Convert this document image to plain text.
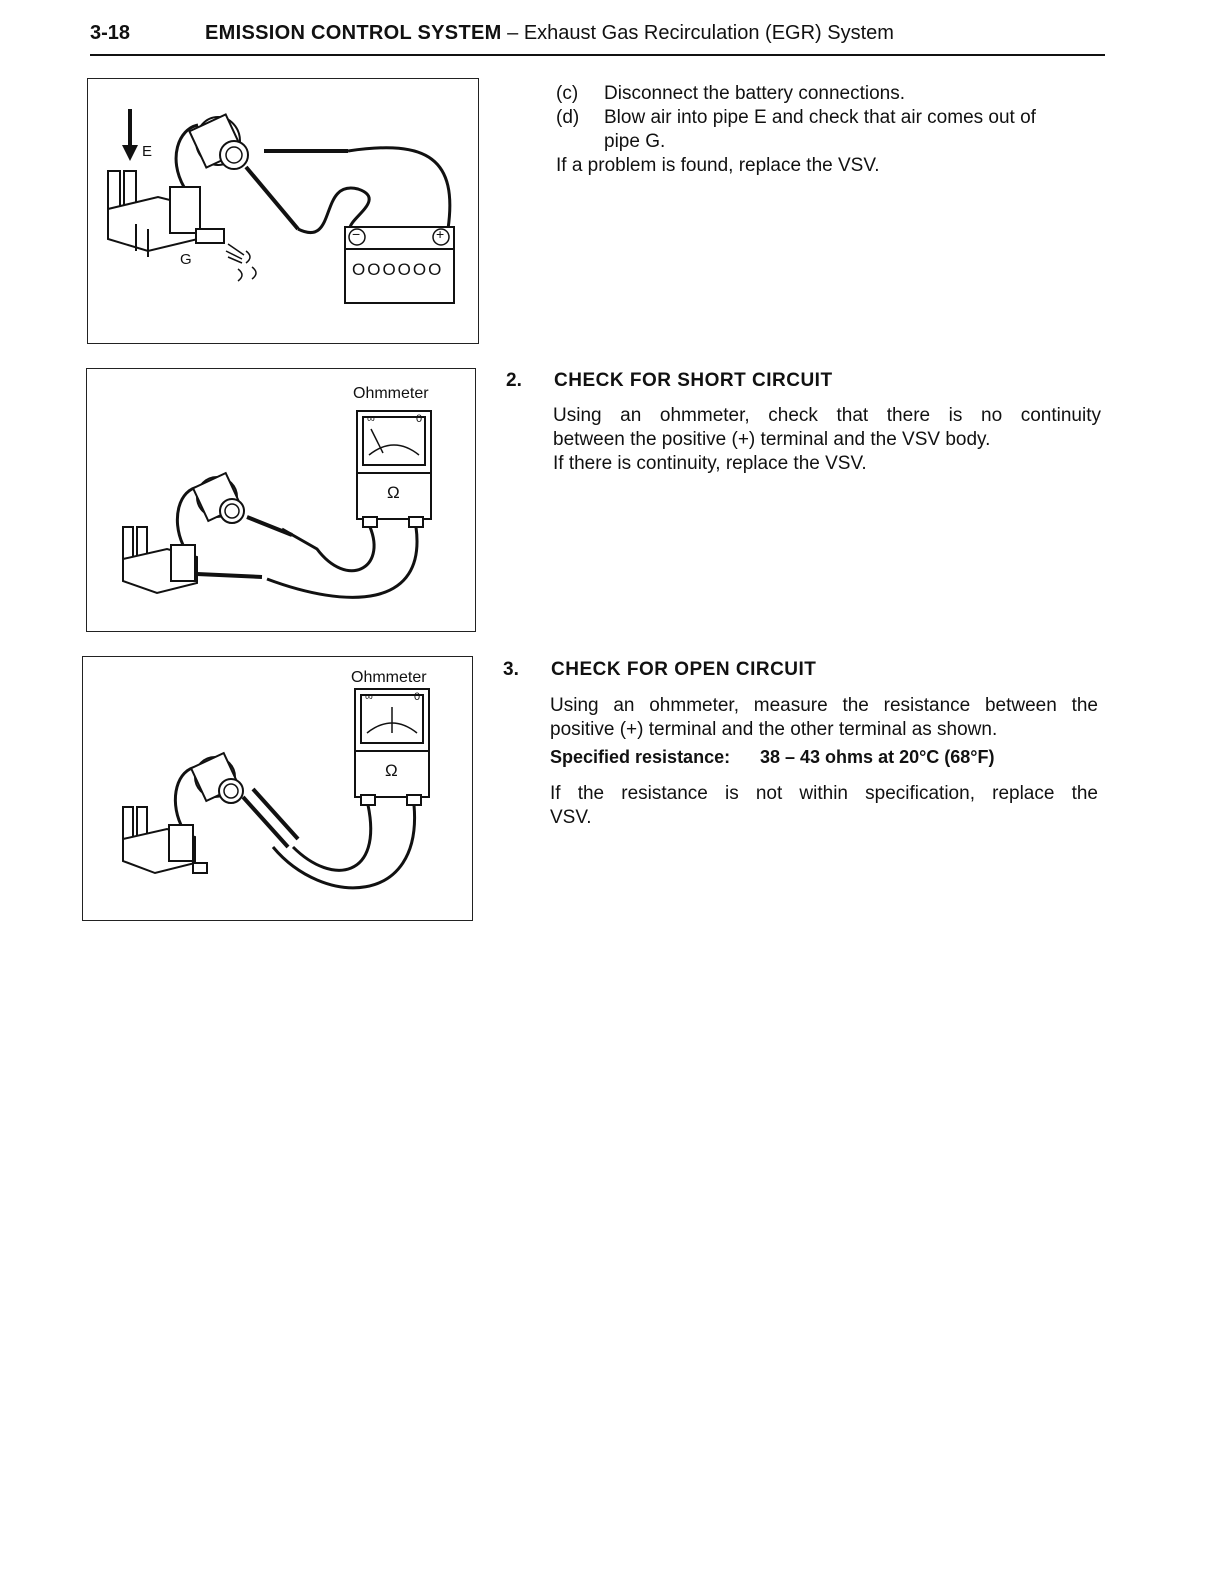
3-18	EMISSION CONTROL SYSTEM – Exhaust Gas Recirculation (EGR) System
E
G
−	+
OOOOOO
Ohmmeter
∞	0
Ω
Ohmmeter
∞	0
Ω
(c) Disconnect the battery connections.
(d) Blow air into pipe E and check that air comes out of
pipe G.
If a problem is found, replace the VSV.
2. CHECK FOR SHORT CIRCUIT
Using an ohmmeter, check that there is no continuity
between the positive (+) terminal and the VSV body.
If there is continuity, replace the VSV.
3. CHECK FOR OPEN CIRCUIT
Using an ohmmeter, measure the resistance between the
positive (+) terminal and the other terminal as shown.
Specified resistance: 38 – 43 ohms at 20°C (68°F)
If the resistance is not within specification, replace the
VSV.
